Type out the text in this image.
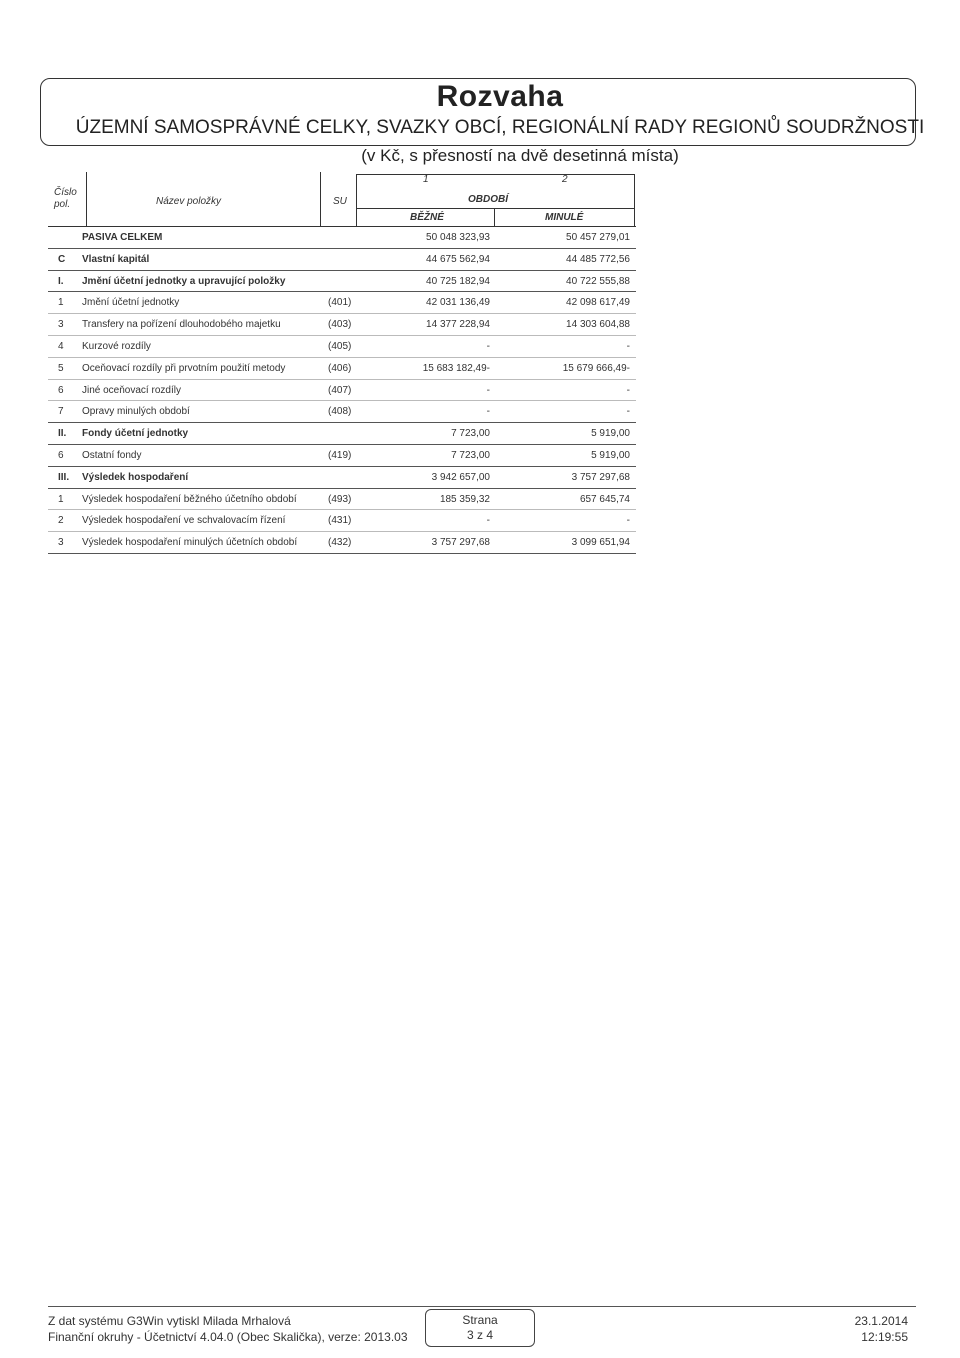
Rozvaha
ÚZEMNÍ SAMOSPRÁVNÉ CELKY, SVAZKY OBCÍ, REGIONÁLNÍ RADY REGIONŮ SOUDRŽNOSTI
(v Kč, s přesností na dvě desetinná místa)
Číslo pol.	Název položky	SU
1	2
OBDOBÍ
BĚŽNÉ	MINULÉ
PASIVA CELKEM	50 048 323,93	50 457 279,01
C Vlastní kapitál	44 675 562,94	44 485 772,56
I. Jmění účetní jednotky a upravující položky	40 725 182,94	40 722 555,88
1 Jmění účetní jednotky	(401)	42 031 136,49	42 098 617,49
3 Transfery na pořízení dlouhodobého majetku	(403)	14 377 228,94	14 303 604,88
4 Kurzové rozdíly	(405)	-	-
5 Oceňovací rozdíly při prvotním použití metody	(406)	15 683 182,49-	15 679 666,49-
6 Jiné oceňovací rozdíly	(407)	-	-
7 Opravy minulých období	(408)	-	-
II. Fondy účetní jednotky	7 723,00	5 919,00
6 Ostatní fondy	(419)	7 723,00	5 919,00
III. Výsledek hospodaření	3 942 657,00	3 757 297,68
1 Výsledek hospodaření běžného účetního období	(493)	185 359,32	657 645,74
2 Výsledek hospodaření ve schvalovacím řízení	(431)	-	-
3 Výsledek hospodaření minulých účetních období	(432)	3 757 297,68	3 099 651,94
Z dat systému G3Win vytiskl Milada Mrhalová
Finanční okruhy - Účetnictví 4.04.0 (Obec Skalička), verze: 2013.03
Strana
3 z 4
23.1.2014
12:19:55
